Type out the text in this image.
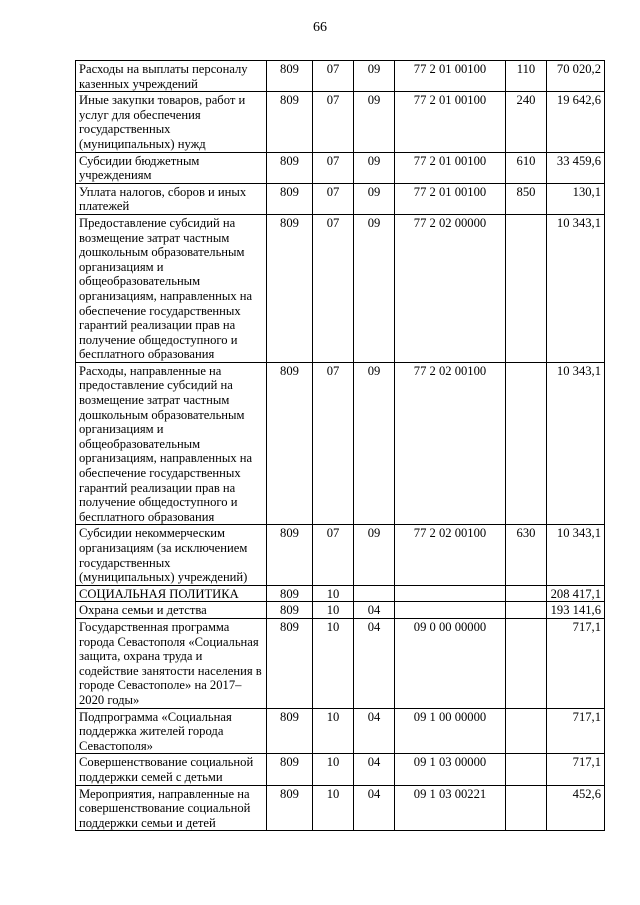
66
Расходы на выплаты персоналу казенных учреждений	809	07	09	77 2 01 00100	110	70 020,2
Иные закупки товаров, работ и услуг для обеспечения государственных (муниципальных) нужд	809	07	09	77 2 01 00100	240	19 642,6
Субсидии бюджетным учреждениям	809	07	09	77 2 01 00100	610	33 459,6
Уплата налогов, сборов и иных платежей	809	07	09	77 2 01 00100	850	130,1
Предоставление субсидий на возмещение затрат частным дошкольным образовательным организациям и общеобразовательным организациям, направленных на обеспечение государственных гарантий реализации прав на получение общедоступного и бесплатного образования	809	07	09	77 2 02 00000		10 343,1
Расходы, направленные на предоставление субсидий на возмещение затрат частным дошкольным образовательным организациям и общеобразовательным организациям, направленных на обеспечение государственных гарантий реализации прав на получение общедоступного и бесплатного образования	809	07	09	77 2 02 00100		10 343,1
Субсидии некоммерческим организациям (за исключением государственных (муниципальных) учреждений)	809	07	09	77 2 02 00100	630	10 343,1
СОЦИАЛЬНАЯ ПОЛИТИКА	809	10				208 417,1
Охрана семьи и детства	809	10	04			193 141,6
Государственная программа города Севастополя «Социальная защита, охрана труда и содействие занятости населения в городе Севастополе» на 2017–2020 годы»	809	10	04	09 0 00 00000		717,1
Подпрограмма «Социальная поддержка жителей города Севастополя»	809	10	04	09 1 00 00000		717,1
Совершенствование социальной поддержки семей с детьми	809	10	04	09 1 03 00000		717,1
Мероприятия, направленные на совершенствование социальной поддержки семьи и детей	809	10	04	09 1 03 00221		452,6
